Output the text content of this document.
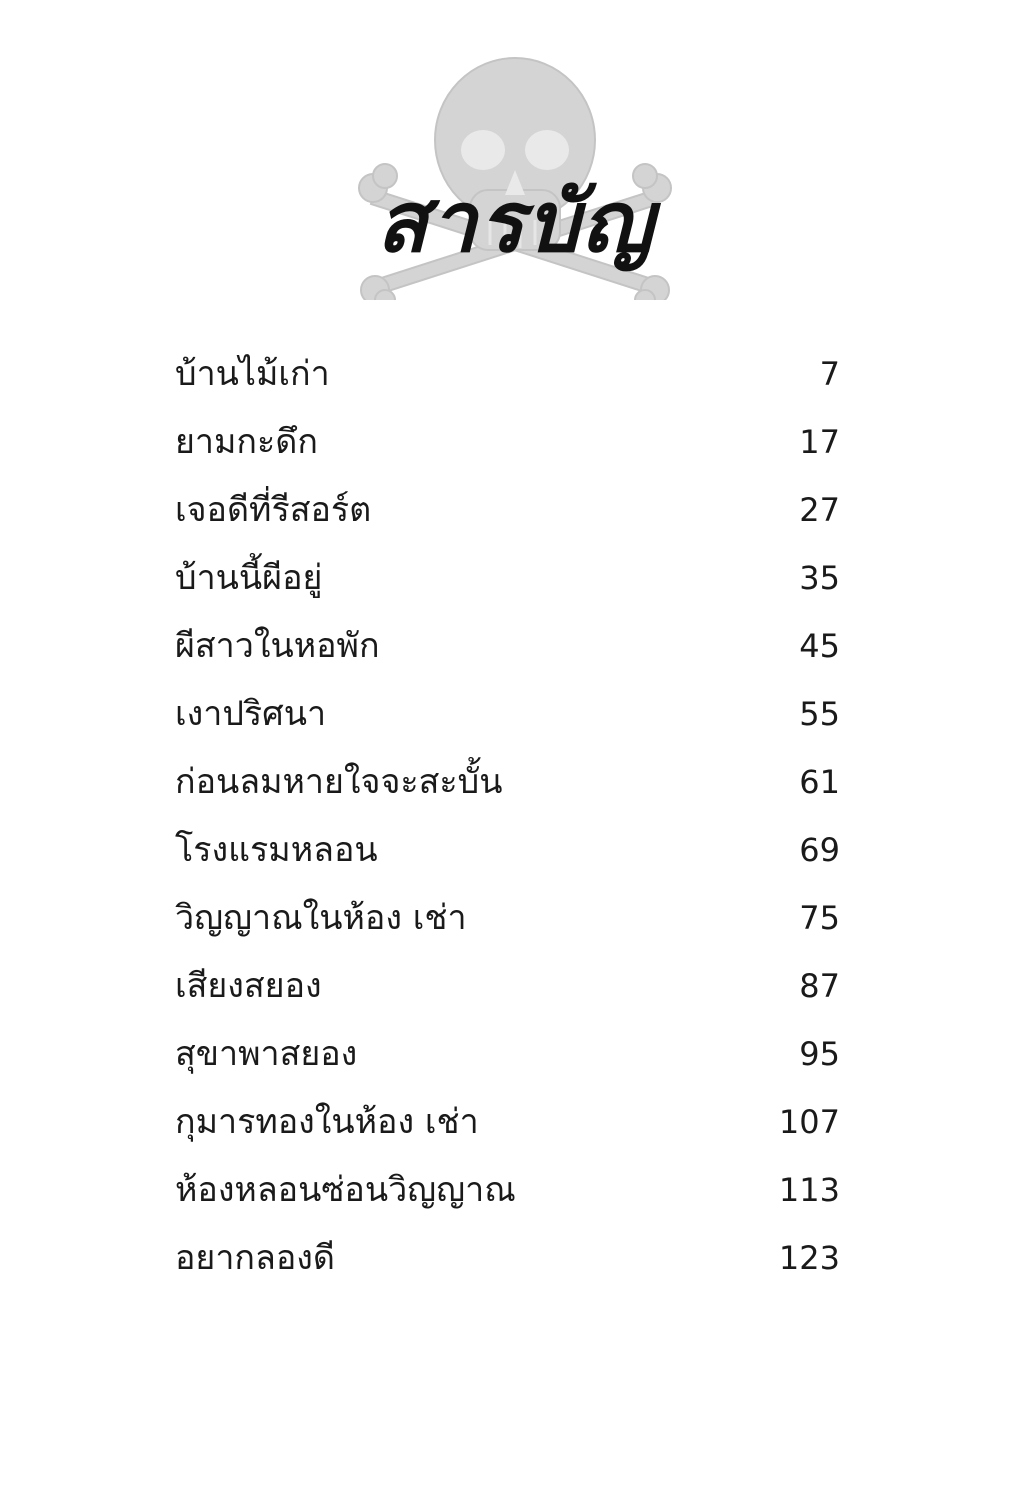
สารบัญ
บ้านไม้เก่า	7
ยามกะดึก	17
เจอดีที่รีสอร์ต	27
บ้านนี้ผีอยู่	35
ผีสาวในหอพัก	45
เงาปริศนา	55
ก่อนลมหายใจจะสะบั้น	61
โรงแรมหลอน	69
วิญญาณในห้อง เช่า	75
เสียงสยอง	87
สุขาพาสยอง	95
กุมารทองในห้อง เช่า	107
ห้องหลอนซ่อนวิญญาณ	113
อยากลองดี	123
